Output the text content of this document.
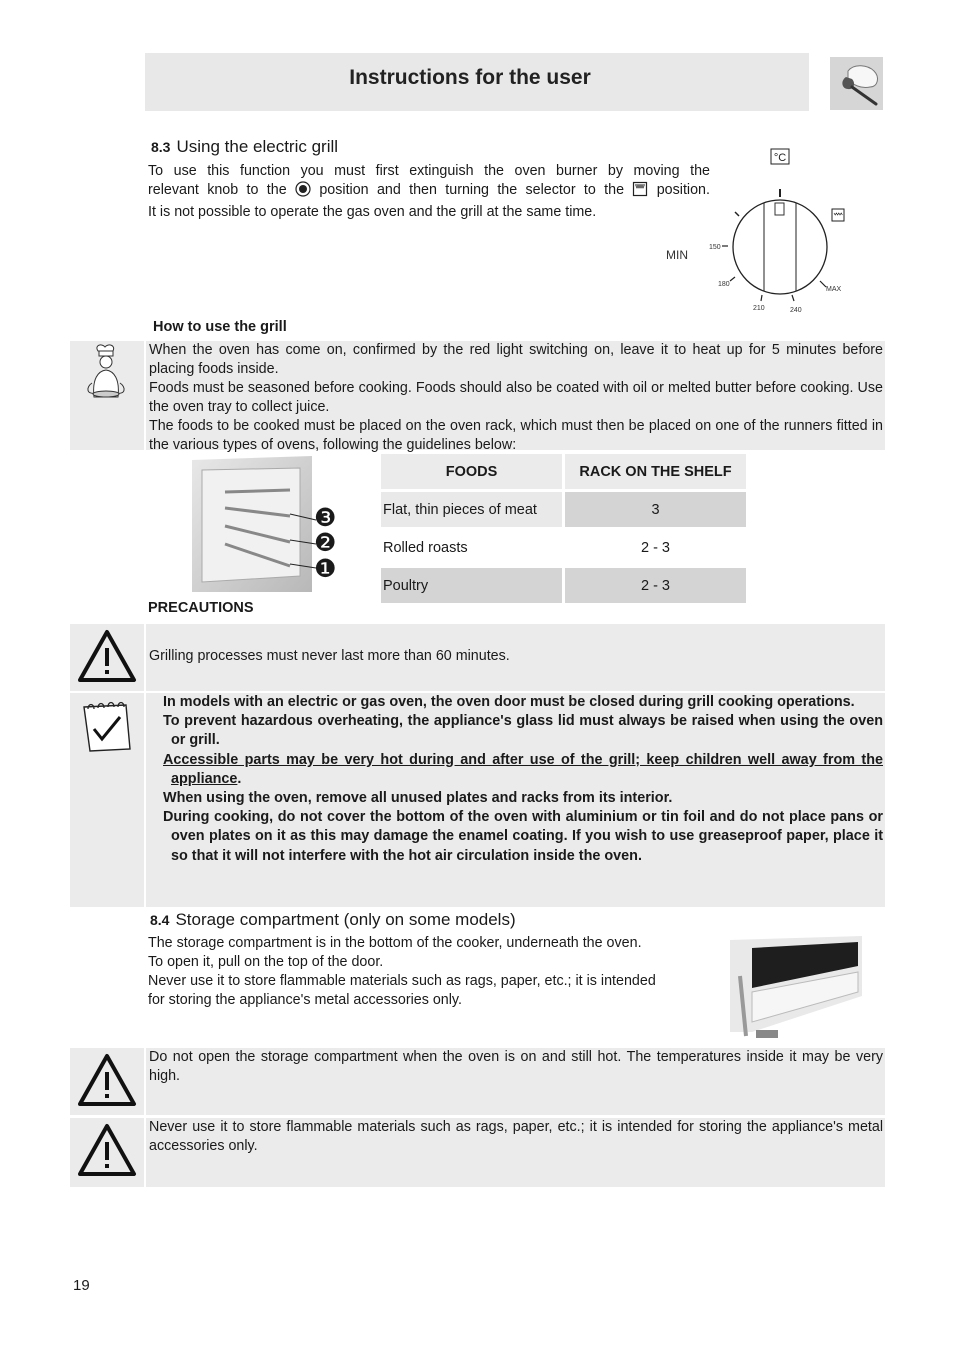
Instructions for the user
8.3 Using the electric grill
To use this function you must first extinguish the oven burner by moving the
relevant knob to the position and then turning the selector to the position.
It is not possible to operate the gas oven and the grill at the same time.
°C
MIN
150
180
210	240
MAX
How to use the grill

When the oven has come on, confirmed by the red light switching on, leave it to heat up for 5 minutes before placing foods inside.

Foods must be seasoned before cooking. Foods should also be coated with oil or melted butter before cooking. Use the oven tray to collect juice.

The foods to be cooked must be placed on the oven rack, which must then be placed on one of the runners fitted in the various types of ovens, following the guidelines below:

❸
❷
❶
FOODS	RACK ON THE SHELF
Flat, thin pieces of meat	3
Rolled roasts	2 - 3
Poultry	2 - 3
PRECAUTIONS
Grilling processes must never last more than 60 minutes.

In models with an electric or gas oven, the oven door must be closed during grill cooking operations.

To prevent hazardous overheating, the appliance's glass lid must always be raised when using the oven or grill.

Accessible parts may be very hot during and after use of the grill; keep children well away from the appliance.

When using the oven, remove all unused plates and racks from its interior.

During cooking, do not cover the bottom of the oven with aluminium or tin foil and do not place pans or oven plates on it as this may damage the enamel coating. If you wish to use greaseproof paper, place it so that it will not interfere with the hot air circulation inside the oven.

8.4 Storage compartment (only on some models)
The storage compartment is in the bottom of the cooker, underneath the oven.
To open it, pull on the top of the door.
Never use it to store flammable materials such as rags, paper, etc.; it is intended
for storing the appliance's metal accessories only.
Do not open the storage compartment when the oven is on and still hot. The temperatures inside it may be very high.
Never use it to store flammable materials such as rags, paper, etc.; it is intended for storing the appliance's metal accessories only.
19
